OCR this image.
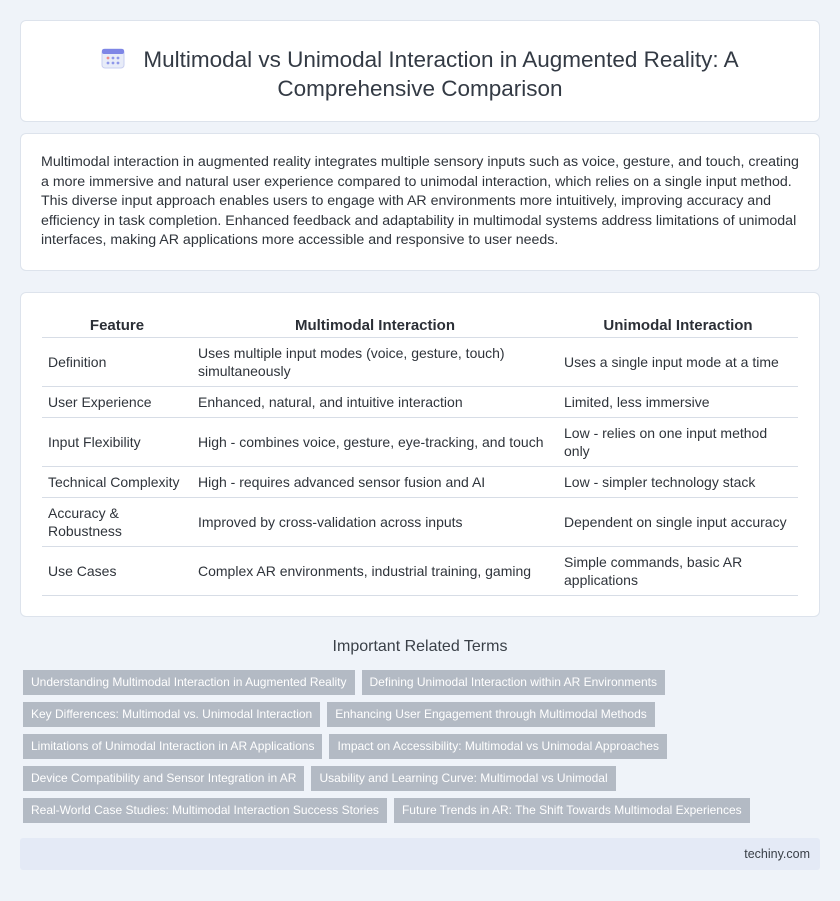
Multimodal vs Unimodal Interaction in Augmented Reality: A
Comprehensive Comparison

Multimodal interaction in augmented reality integrates multiple sensory inputs such as voice, gesture, and touch, creating a more immersive and natural user experience compared to unimodal interaction, which relies on a single input method. This diverse input approach enables users to engage with AR environments more intuitively, improving accuracy and efficiency in task completion. Enhanced feedback and adaptability in multimodal systems address limitations of unimodal interfaces, making AR applications more accessible and responsive to user needs.

Feature	Multimodal Interaction	Unimodal Interaction
Definition	Uses multiple input modes (voice, gesture, touch) simultaneously	Uses a single input mode at a time
User Experience	Enhanced, natural, and intuitive interaction	Limited, less immersive
Input Flexibility	High - combines voice, gesture, eye-tracking, and touch	Low - relies on one input method only
Technical Complexity	High - requires advanced sensor fusion and AI	Low - simpler technology stack
Accuracy & Robustness	Improved by cross-validation across inputs	Dependent on single input accuracy
Use Cases	Complex AR environments, industrial training, gaming	Simple commands, basic AR applications
Important Related Terms
Understanding Multimodal Interaction in Augmented Reality	Defining Unimodal Interaction within AR Environments
Key Differences: Multimodal vs. Unimodal Interaction	Enhancing User Engagement through Multimodal Methods
Limitations of Unimodal Interaction in AR Applications	Impact on Accessibility: Multimodal vs Unimodal Approaches
Device Compatibility and Sensor Integration in AR	Usability and Learning Curve: Multimodal vs Unimodal
Real-World Case Studies: Multimodal Interaction Success Stories	Future Trends in AR: The Shift Towards Multimodal Experiences
techiny.com
